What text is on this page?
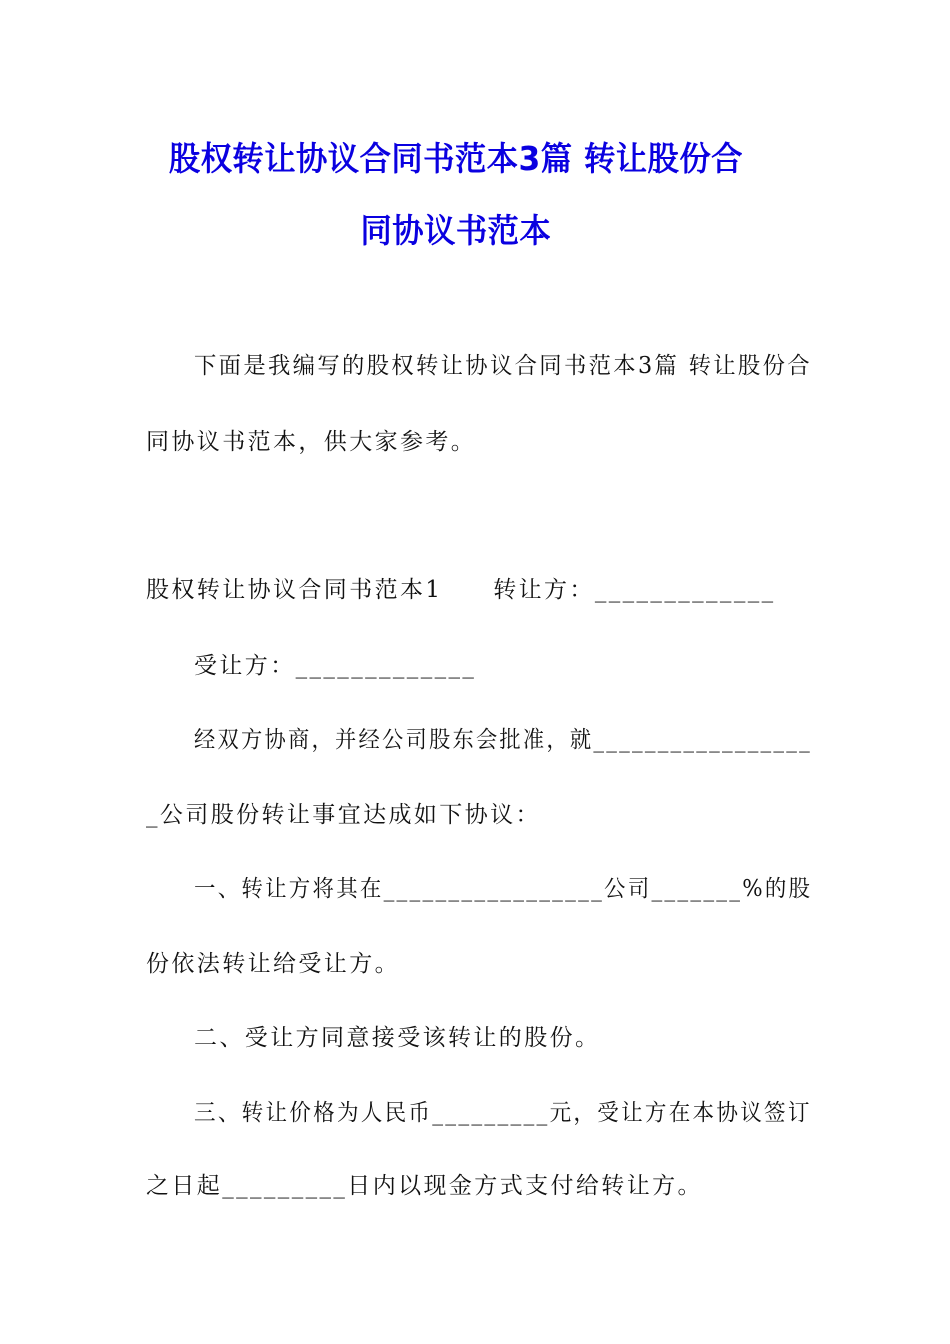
股权转让协议合同书范本3篇 转让股份合
同协议书范本
下面是我编写的股权转让协议合同书范本3篇 转让股份合
同协议书范本，供大家参考。
股权转让协议合同书范本1　　转让方：_____________
受让方：_____________
经双方协商，并经公司股东会批准，就_________________
_公司股份转让事宜达成如下协议：
一、转让方将其在_________________公司_______%的股
份依法转让给受让方。
二、受让方同意接受该转让的股份。
三、转让价格为人民币_________元，受让方在本协议签订
之日起_________日内以现金方式支付给转让方。
